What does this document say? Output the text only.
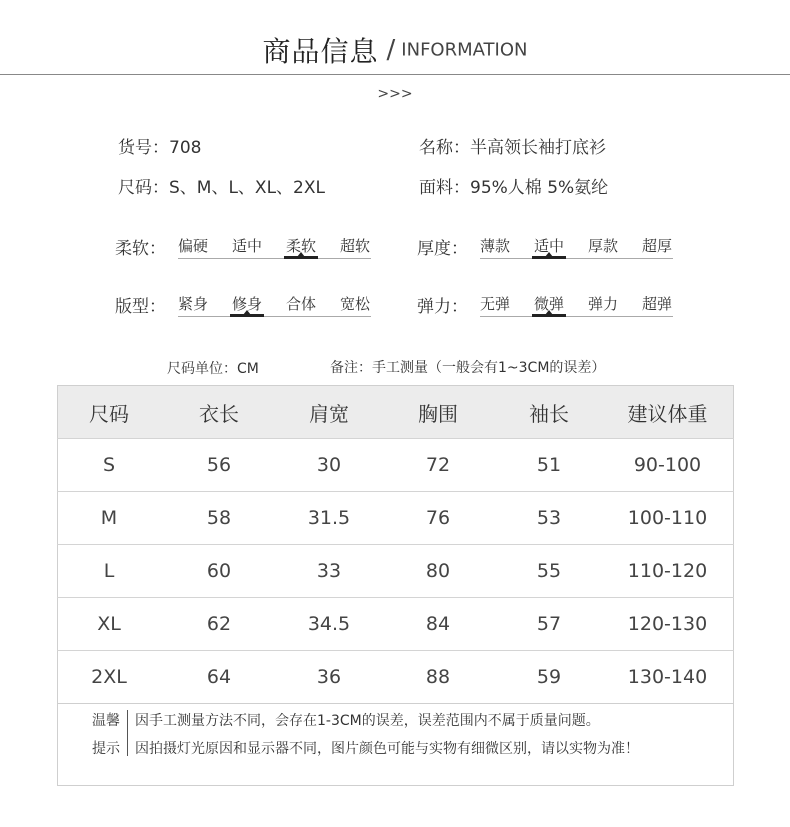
商品信息 / INFORMATION
>>>
货号：708	名称：半高领长袖打底衫
尺码：S、M、L、XL、2XL	面料：95%人棉 5%氨纶
柔软： 偏硬 适中 柔软 超软	厚度： 薄款 适中 厚款 超厚
版型： 紧身 修身 合体 宽松	弹力： 无弹 微弹 弹力 超弹
尺码单位：CM	备注：手工测量（一般会有1~3CM的误差）
尺码	衣长	肩宽	胸围	袖长	建议体重
S	56	30	72	51	90-100
M	58	31.5	76	53	100-110
L	60	33	80	55	110-120
XL	62	34.5	84	57	120-130
2XL	64	36	88	59	130-140
温馨
提示
因手工测量方法不同，会存在1-3CM的误差，误差范围内不属于质量问题。
因拍摄灯光原因和显示器不同，图片颜色可能与实物有细微区别，请以实物为准！
